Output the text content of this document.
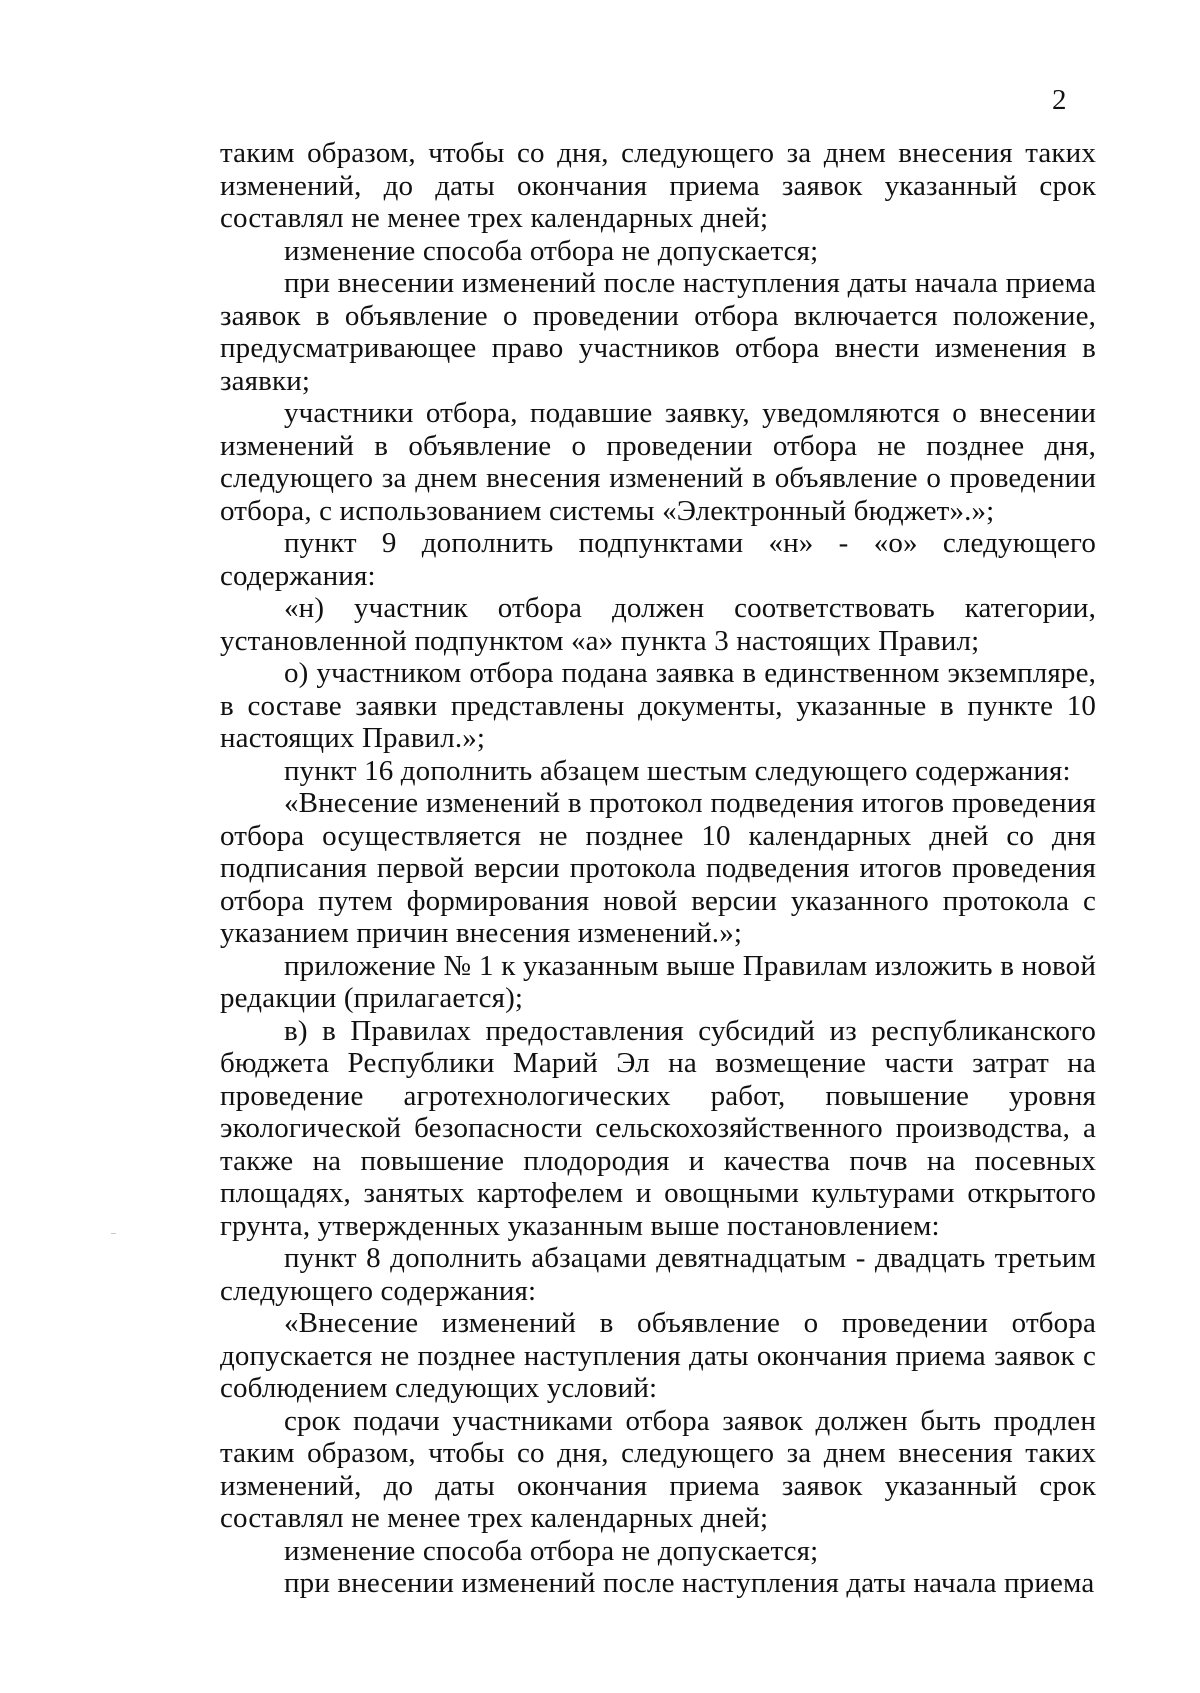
2

таким образом, чтобы со дня, следующего за днем внесения таких изменений, до даты окончания приема заявок указанный срок составлял не менее трех календарных дней;

изменение способа отбора не допускается;

при внесении изменений после наступления даты начала приема заявок в объявление о проведении отбора включается положение, предусматривающее право участников отбора внести изменения в заявки;

участники отбора, подавшие заявку, уведомляются о внесении изменений в объявление о проведении отбора не позднее дня, следующего за днем внесения изменений в объявление о проведении отбора, с использованием системы «Электронный бюджет».»;

пункт 9 дополнить подпунктами «н» - «о» следующего содержания:

«н) участник отбора должен соответствовать категории, установленной подпунктом «а» пункта 3 настоящих Правил;

о) участником отбора подана заявка в единственном экземпляре, в составе заявки представлены документы, указанные в пункте 10 настоящих Правил.»;

пункт 16 дополнить абзацем шестым следующего содержания:

«Внесение изменений в протокол подведения итогов проведения отбора осуществляется не позднее 10 календарных дней со дня подписания первой версии протокола подведения итогов проведения отбора путем формирования новой версии указанного протокола с указанием причин внесения изменений.»;

приложение № 1 к указанным выше Правилам изложить в новой редакции (прилагается);

в) в Правилах предоставления субсидий из республиканского бюджета Республики Марий Эл на возмещение части затрат на проведение агротехнологических работ, повышение уровня экологической безопасности сельскохозяйственного производства, а также на повышение плодородия и качества почв на посевных площадях, занятых картофелем и овощными культурами открытого грунта, утвержденных указанным выше постановлением:

пункт 8 дополнить абзацами девятнадцатым - двадцать третьим следующего содержания:

«Внесение изменений в объявление о проведении отбора допускается не позднее наступления даты окончания приема заявок с соблюдением следующих условий:

срок подачи участниками отбора заявок должен быть продлен таким образом, чтобы со дня, следующего за днем внесения таких изменений, до даты окончания приема заявок указанный срок составлял не менее трех календарных дней;

изменение способа отбора не допускается;

при внесении изменений после наступления даты начала приема
